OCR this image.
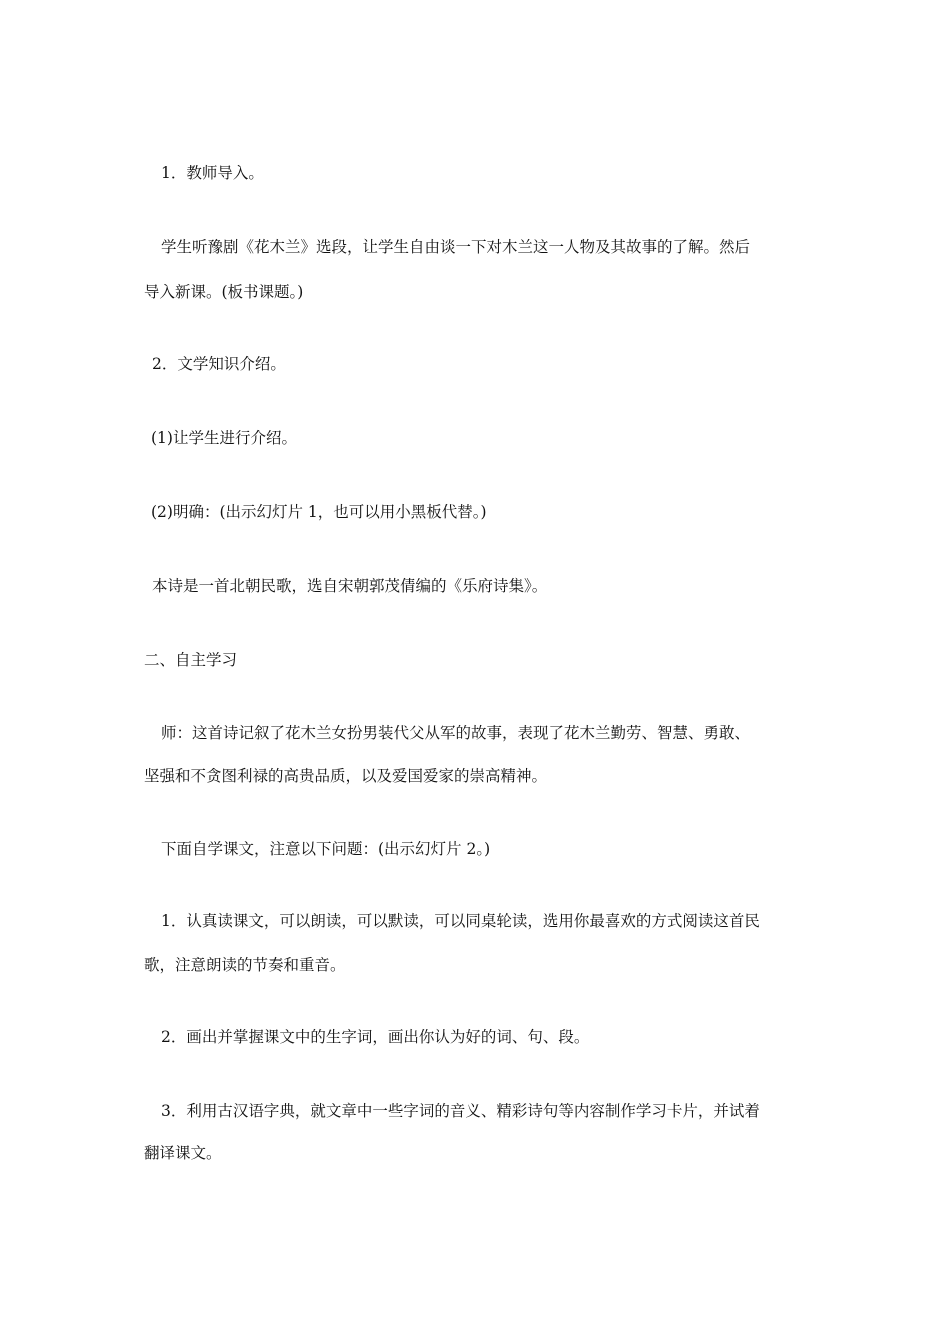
1．教师导入。
学生听豫剧《花木兰》选段，让学生自由谈一下对木兰这一人物及其故事的了解。然后
导入新课。(板书课题。)
2．文学知识介绍。
(1)让学生进行介绍。
(2)明确：(出示幻灯片 1，也可以用小黑板代替。)
本诗是一首北朝民歌，选自宋朝郭茂倩编的《乐府诗集》。
二、自主学习
师：这首诗记叙了花木兰女扮男装代父从军的故事，表现了花木兰勤劳、智慧、勇敢、
坚强和不贪图利禄的高贵品质，以及爱国爱家的崇高精神。
下面自学课文，注意以下问题：(出示幻灯片 2。)
1．认真读课文，可以朗读，可以默读，可以同桌轮读，选用你最喜欢的方式阅读这首民
歌，注意朗读的节奏和重音。
2．画出并掌握课文中的生字词，画出你认为好的词、句、段。
3．利用古汉语字典，就文章中一些字词的音义、精彩诗句等内容制作学习卡片，并试着
翻译课文。
